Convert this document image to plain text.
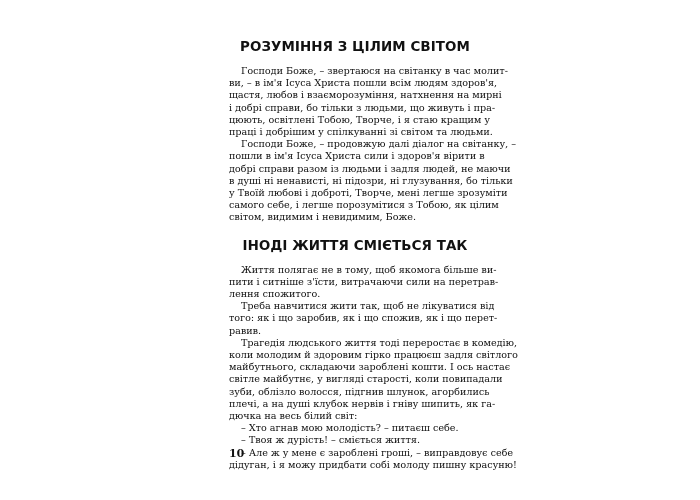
РОЗУМІННЯ З ЦІЛИМ СВІТОМ
Господи Боже, – звертаюся на світанку в час молит-
ви, – в ім'я Ісуса Христа пошли всім людям здоров'я,
щастя, любов і взаєморозуміння, натхнення на мирні
і добрі справи, бо тільки з людьми, що живуть і пра-
цюють, освітлені Тобою, Творче, і я стаю кращим у
праці і добрішим у спілкуванні зі світом та людьми.
Господи Боже, – продовжую далі діалог на світанку, –
пошли в ім'я Ісуса Христа сили і здоров'я вірити в
добрі справи разом із людьми і задля людей, не маючи
в душі ні ненависті, ні підозри, ні глузування, бо тільки
у Твоїй любові і доброті, Творче, мені легше зрозуміти
самого себе, і легше порозумітися з Тобою, як цілим
світом, видимим і невидимим, Боже.
ІНОДІ ЖИТТЯ СМІЄТЬСЯ ТАК
Життя полягає не в тому, щоб якомога більше ви-
пити і ситніше з'їсти, витрачаючи сили на перетрав-
лення спожитого.
Треба навчитися жити так, щоб не лікуватися від
того: як і що заробив, як і що спожив, як і що перет-
равив.
Трагедія людського життя тоді переростає в комедію,
коли молодим й здоровим гірко працюєш задля світлого
майбутнього, складаючи зароблені кошти. І ось настає
світле майбутнє, у вигляді старості, коли повипадали
зуби, облізло волосся, підгнив шлунок, агорбились
плечі, а на душі клубок нервів і гніву шипить, як га-
дючка на весь білий світ:
– Хто агнав мою молодість? – питаєш себе.
– Твоя ж дурість! – сміється життя.
– Але ж у мене є зароблені гроші, – виправдовує себе
дідуган, і я можу придбати собі молоду пишну красуню!
10
